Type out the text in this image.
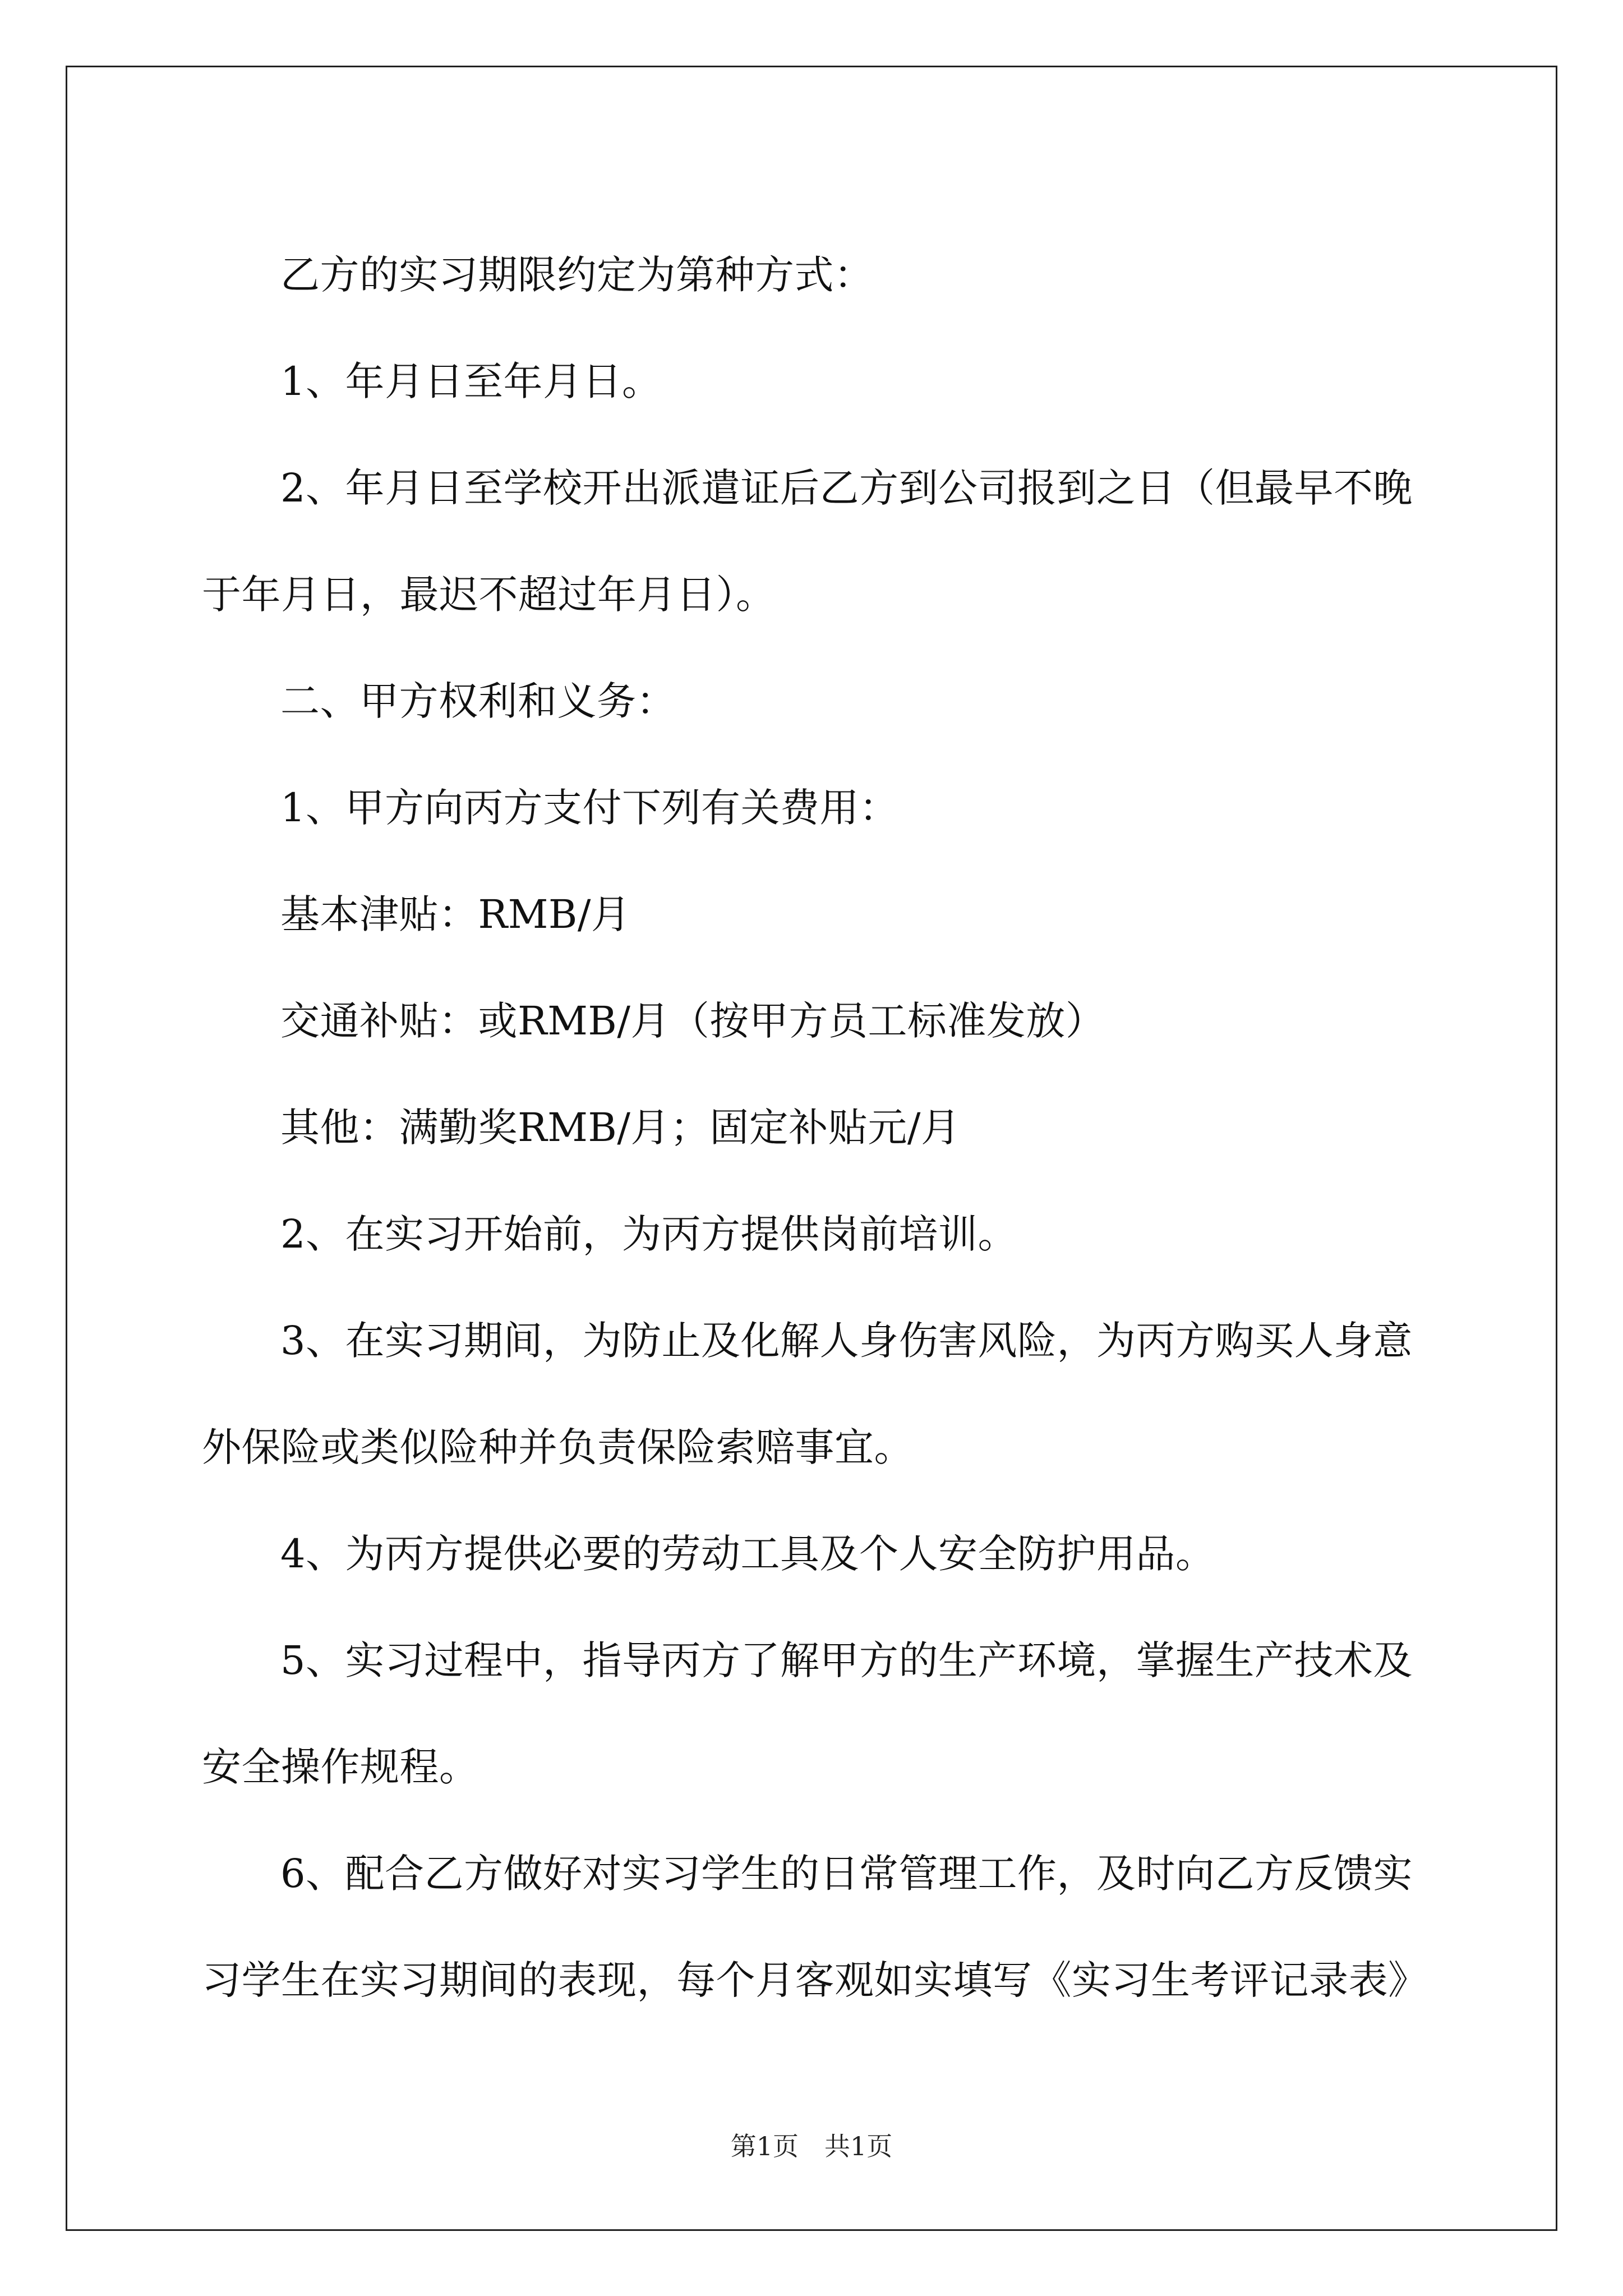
乙方的实习期限约定为第种方式：

1、年月日至年月日。

2、年月日至学校开出派遣证后乙方到公司报到之日（但最早不晚

于年月日，最迟不超过年月日）。

二、甲方权利和义务：

1、甲方向丙方支付下列有关费用：

基本津贴：RMB/月

交通补贴：或RMB/月（按甲方员工标准发放）

其他：满勤奖RMB/月；固定补贴元/月

2、在实习开始前，为丙方提供岗前培训。

3、在实习期间，为防止及化解人身伤害风险，为丙方购买人身意

外保险或类似险种并负责保险索赔事宜。

4、为丙方提供必要的劳动工具及个人安全防护用品。

5、实习过程中，指导丙方了解甲方的生产环境，掌握生产技术及

安全操作规程。

6、配合乙方做好对实习学生的日常管理工作，及时向乙方反馈实

习学生在实习期间的表现，每个月客观如实填写《实习生考评记录表》

第1页　共1页
